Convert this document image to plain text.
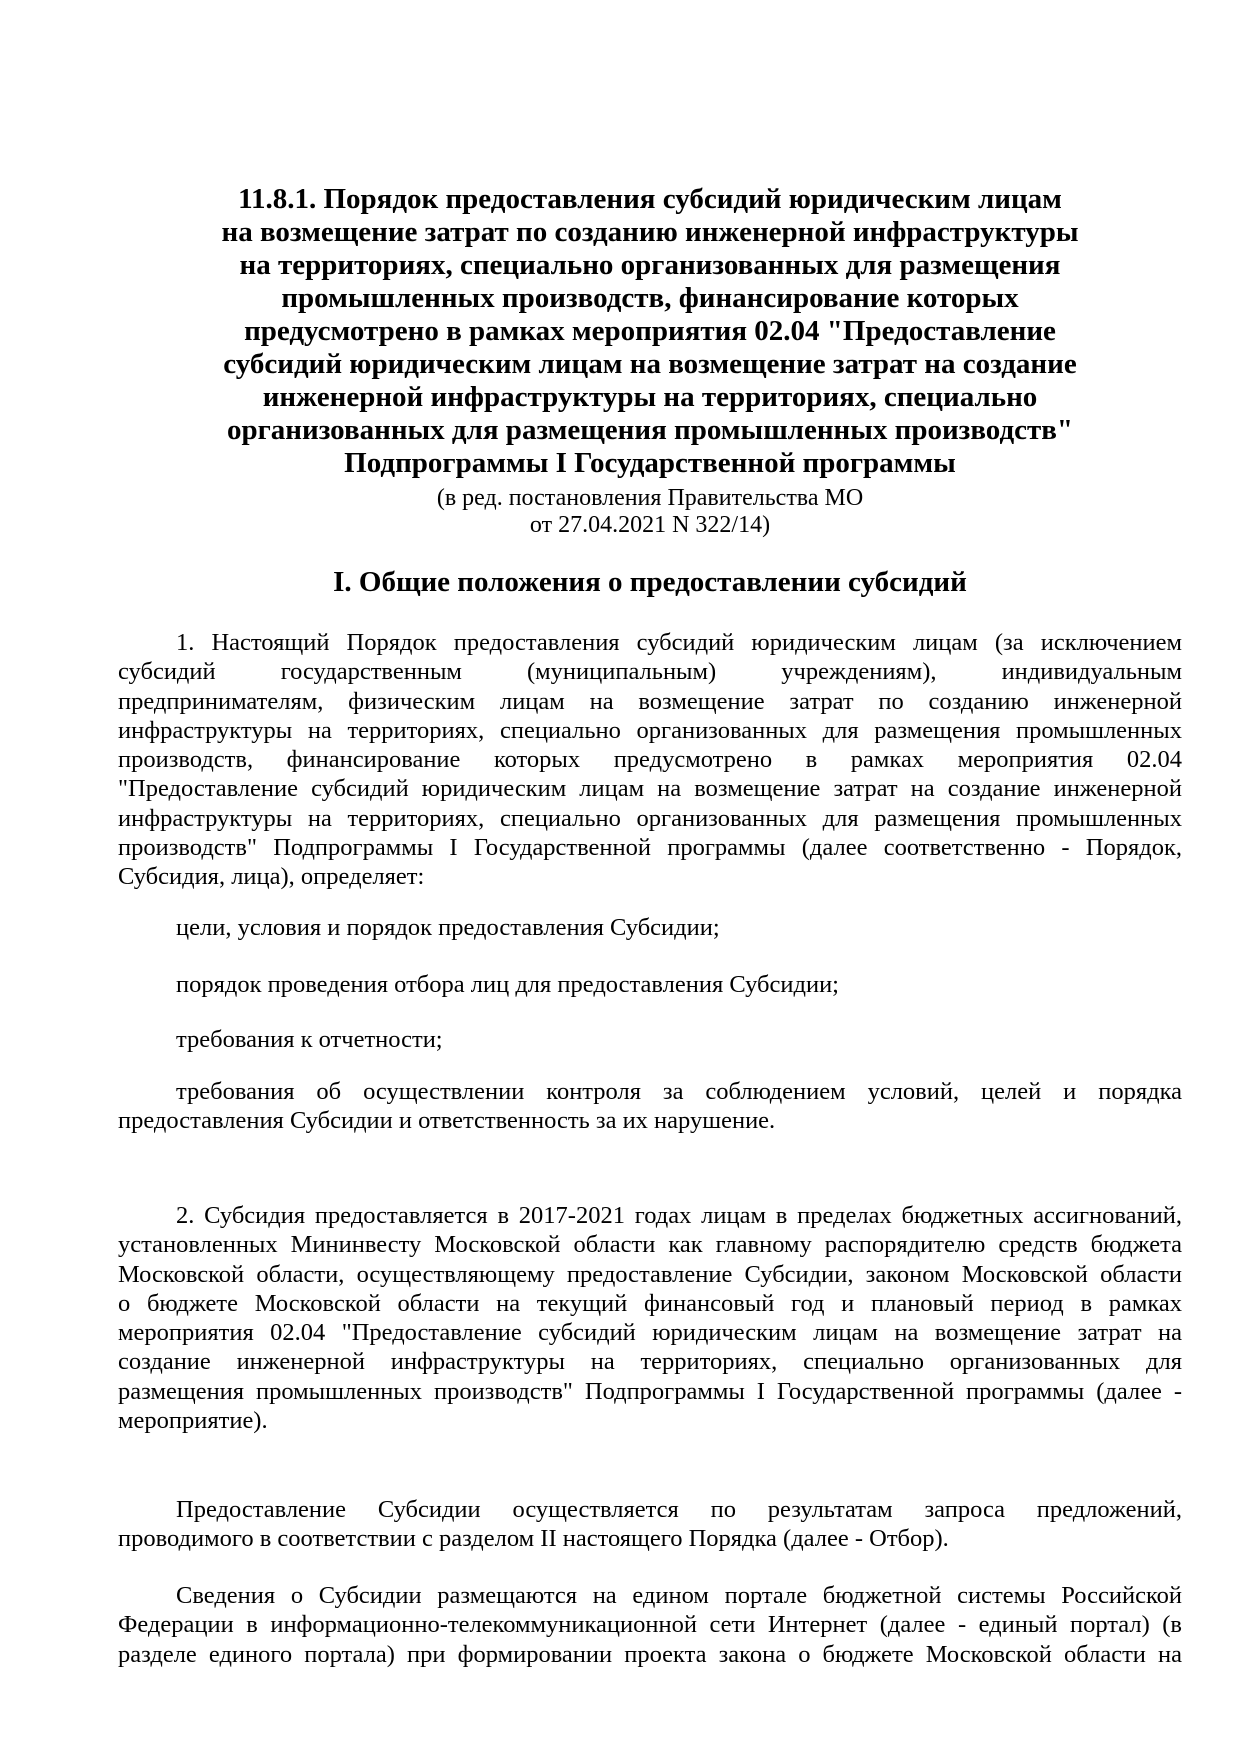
11.8.1. Порядок предоставления субсидий юридическим лицам
на возмещение затрат по созданию инженерной инфраструктуры
на территориях, специально организованных для размещения
промышленных производств, финансирование которых
предусмотрено в рамках мероприятия 02.04 "Предоставление
субсидий юридическим лицам на возмещение затрат на создание
инженерной инфраструктуры на территориях, специально
организованных для размещения промышленных производств"
Подпрограммы I Государственной программы
(в ред. постановления Правительства МО
от 27.04.2021 N 322/14)
I. Общие положения о предоставлении субсидий
1. Настоящий Порядок предоставления субсидий юридическим лицам (за исключением
субсидий государственным (муниципальным) учреждениям), индивидуальным
предпринимателям, физическим лицам на возмещение затрат по созданию инженерной
инфраструктуры на территориях, специально организованных для размещения промышленных
производств, финансирование которых предусмотрено в рамках мероприятия 02.04
"Предоставление субсидий юридическим лицам на возмещение затрат на создание инженерной
инфраструктуры на территориях, специально организованных для размещения промышленных
производств" Подпрограммы I Государственной программы (далее соответственно - Порядок,
Субсидия, лица), определяет:
цели, условия и порядок предоставления Субсидии;
порядок проведения отбора лиц для предоставления Субсидии;
требования к отчетности;
требования об осуществлении контроля за соблюдением условий, целей и порядка
предоставления Субсидии и ответственность за их нарушение.
2. Субсидия предоставляется в 2017-2021 годах лицам в пределах бюджетных ассигнований,
установленных Мининвесту Московской области как главному распорядителю средств бюджета
Московской области, осуществляющему предоставление Субсидии, законом Московской области
о бюджете Московской области на текущий финансовый год и плановый период в рамках
мероприятия 02.04 "Предоставление субсидий юридическим лицам на возмещение затрат на
создание инженерной инфраструктуры на территориях, специально организованных для
размещения промышленных производств" Подпрограммы I Государственной программы (далее -
мероприятие).
Предоставление Субсидии осуществляется по результатам запроса предложений,
проводимого в соответствии с разделом II настоящего Порядка (далее - Отбор).
Сведения о Субсидии размещаются на едином портале бюджетной системы Российской
Федерации в информационно-телекоммуникационной сети Интернет (далее - единый портал) (в
разделе единого портала) при формировании проекта закона о бюджете Московской области на
